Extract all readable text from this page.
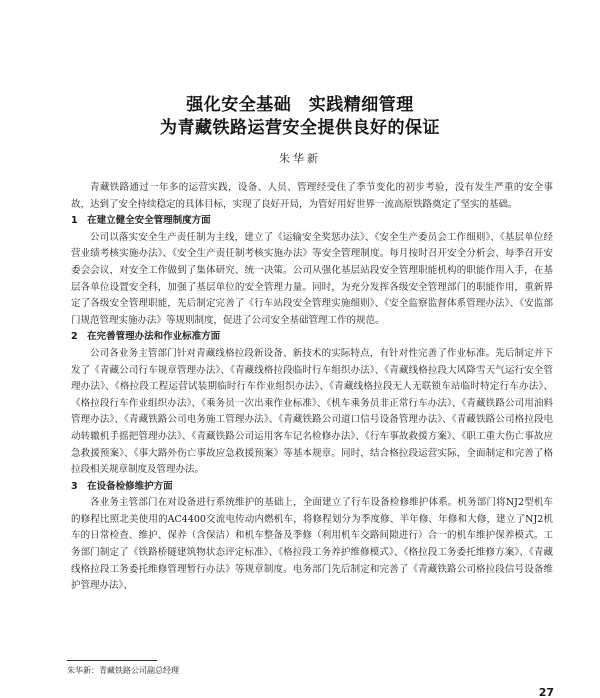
强化安全基础　实践精细管理
为青藏铁路运营安全提供良好的保证
朱华新

青藏铁路通过一年多的运营实践，设备、人员、管理经受住了季节变化的初步考验，没有发生严重的安全事故，达到了安全持续稳定的具体目标，实现了良好开局，为管好用好世界一流高原铁路奠定了坚实的基础。

1　在建立健全安全管理制度方面

公司以落实安全生产责任制为主线，建立了《运输安全奖惩办法》、《安全生产委员会工作细则》、《基层单位经营业绩考核实施办法》、《安全生产责任制考核实施办法》等安全管理制度。每月按时召开安全分析会、每季召开安委会会议，对安全工作做到了集体研究、统一决策。公司从强化基层站段安全管理职能机构的职能作用入手，在基层各单位设置安全科，加强了基层单位的安全管理力量。同时，为充分发挥各级安全管理部门的职能作用，重新界定了各级安全管理职能，先后制定完善了《行车站段安全管理实施细则》、《安全监察监督体系管理办法》、《安监部门规范管理实施办法》等规则制度，促进了公司安全基础管理工作的规范。

2　在完善管理办法和作业标准方面

公司各业务主管部门针对青藏线格拉段新设备、新技术的实际特点，有针对性完善了作业标准。先后制定并下发了《青藏公司行车规章管理办法》、《青藏线格拉段临时行车组织办法》、《青藏线格拉段大风降雪天气运行安全管理办法》、《格拉段工程运营试装期临时行车作业组织办法》、《青藏线格拉段无人无联锁车站临时特定行车办法》、《格拉段行车作业组织办法》、《乘务员一次出乘作业标准》、《机车乘务员非正常行车办法》、《青藏铁路公司用油料管理办法》、《青藏铁路公司电务施工管理办法》、《青藏铁路公司道口信号设备管理办法》、《青藏铁路公司格拉段电动转辙机手摇把管理办法》、《青藏铁路公司运用客车记名检修办法》、《行车事故救援方案》、《职工重大伤亡事故应急救援预案》、《事大路外伤亡事故应急救援预案》等基本规章。同时，结合格拉段运营实际，全面制定和完善了格拉段相关规章制度及管理办法。

3　在设备检修维护方面

各业务主管部门在对设备进行系统维护的基础上，全面建立了行车设备检修维护体系。机务部门将NJ2型机车的修程比照北美使用的AC4400交流电传动内燃机车，将修程划分为季度修、半年修、年修和大修，建立了NJ2机车的日常检查、维护、保养（含保洁）和机车整备及季修（利用机车交路间隙进行）合一的机车维护保养模式。工务部门制定了《铁路桥隧建筑物状态评定标准》、《格拉段工务养护维修模式》、《格拉段工务委托维修方案》、《青藏线格拉段工务委托维修管理暂行办法》等规章制度。电务部门先后制定和完善了《青藏铁路公司格拉段信号设备维护管理办法》、

朱华新：青藏铁路公司副总经理
27
